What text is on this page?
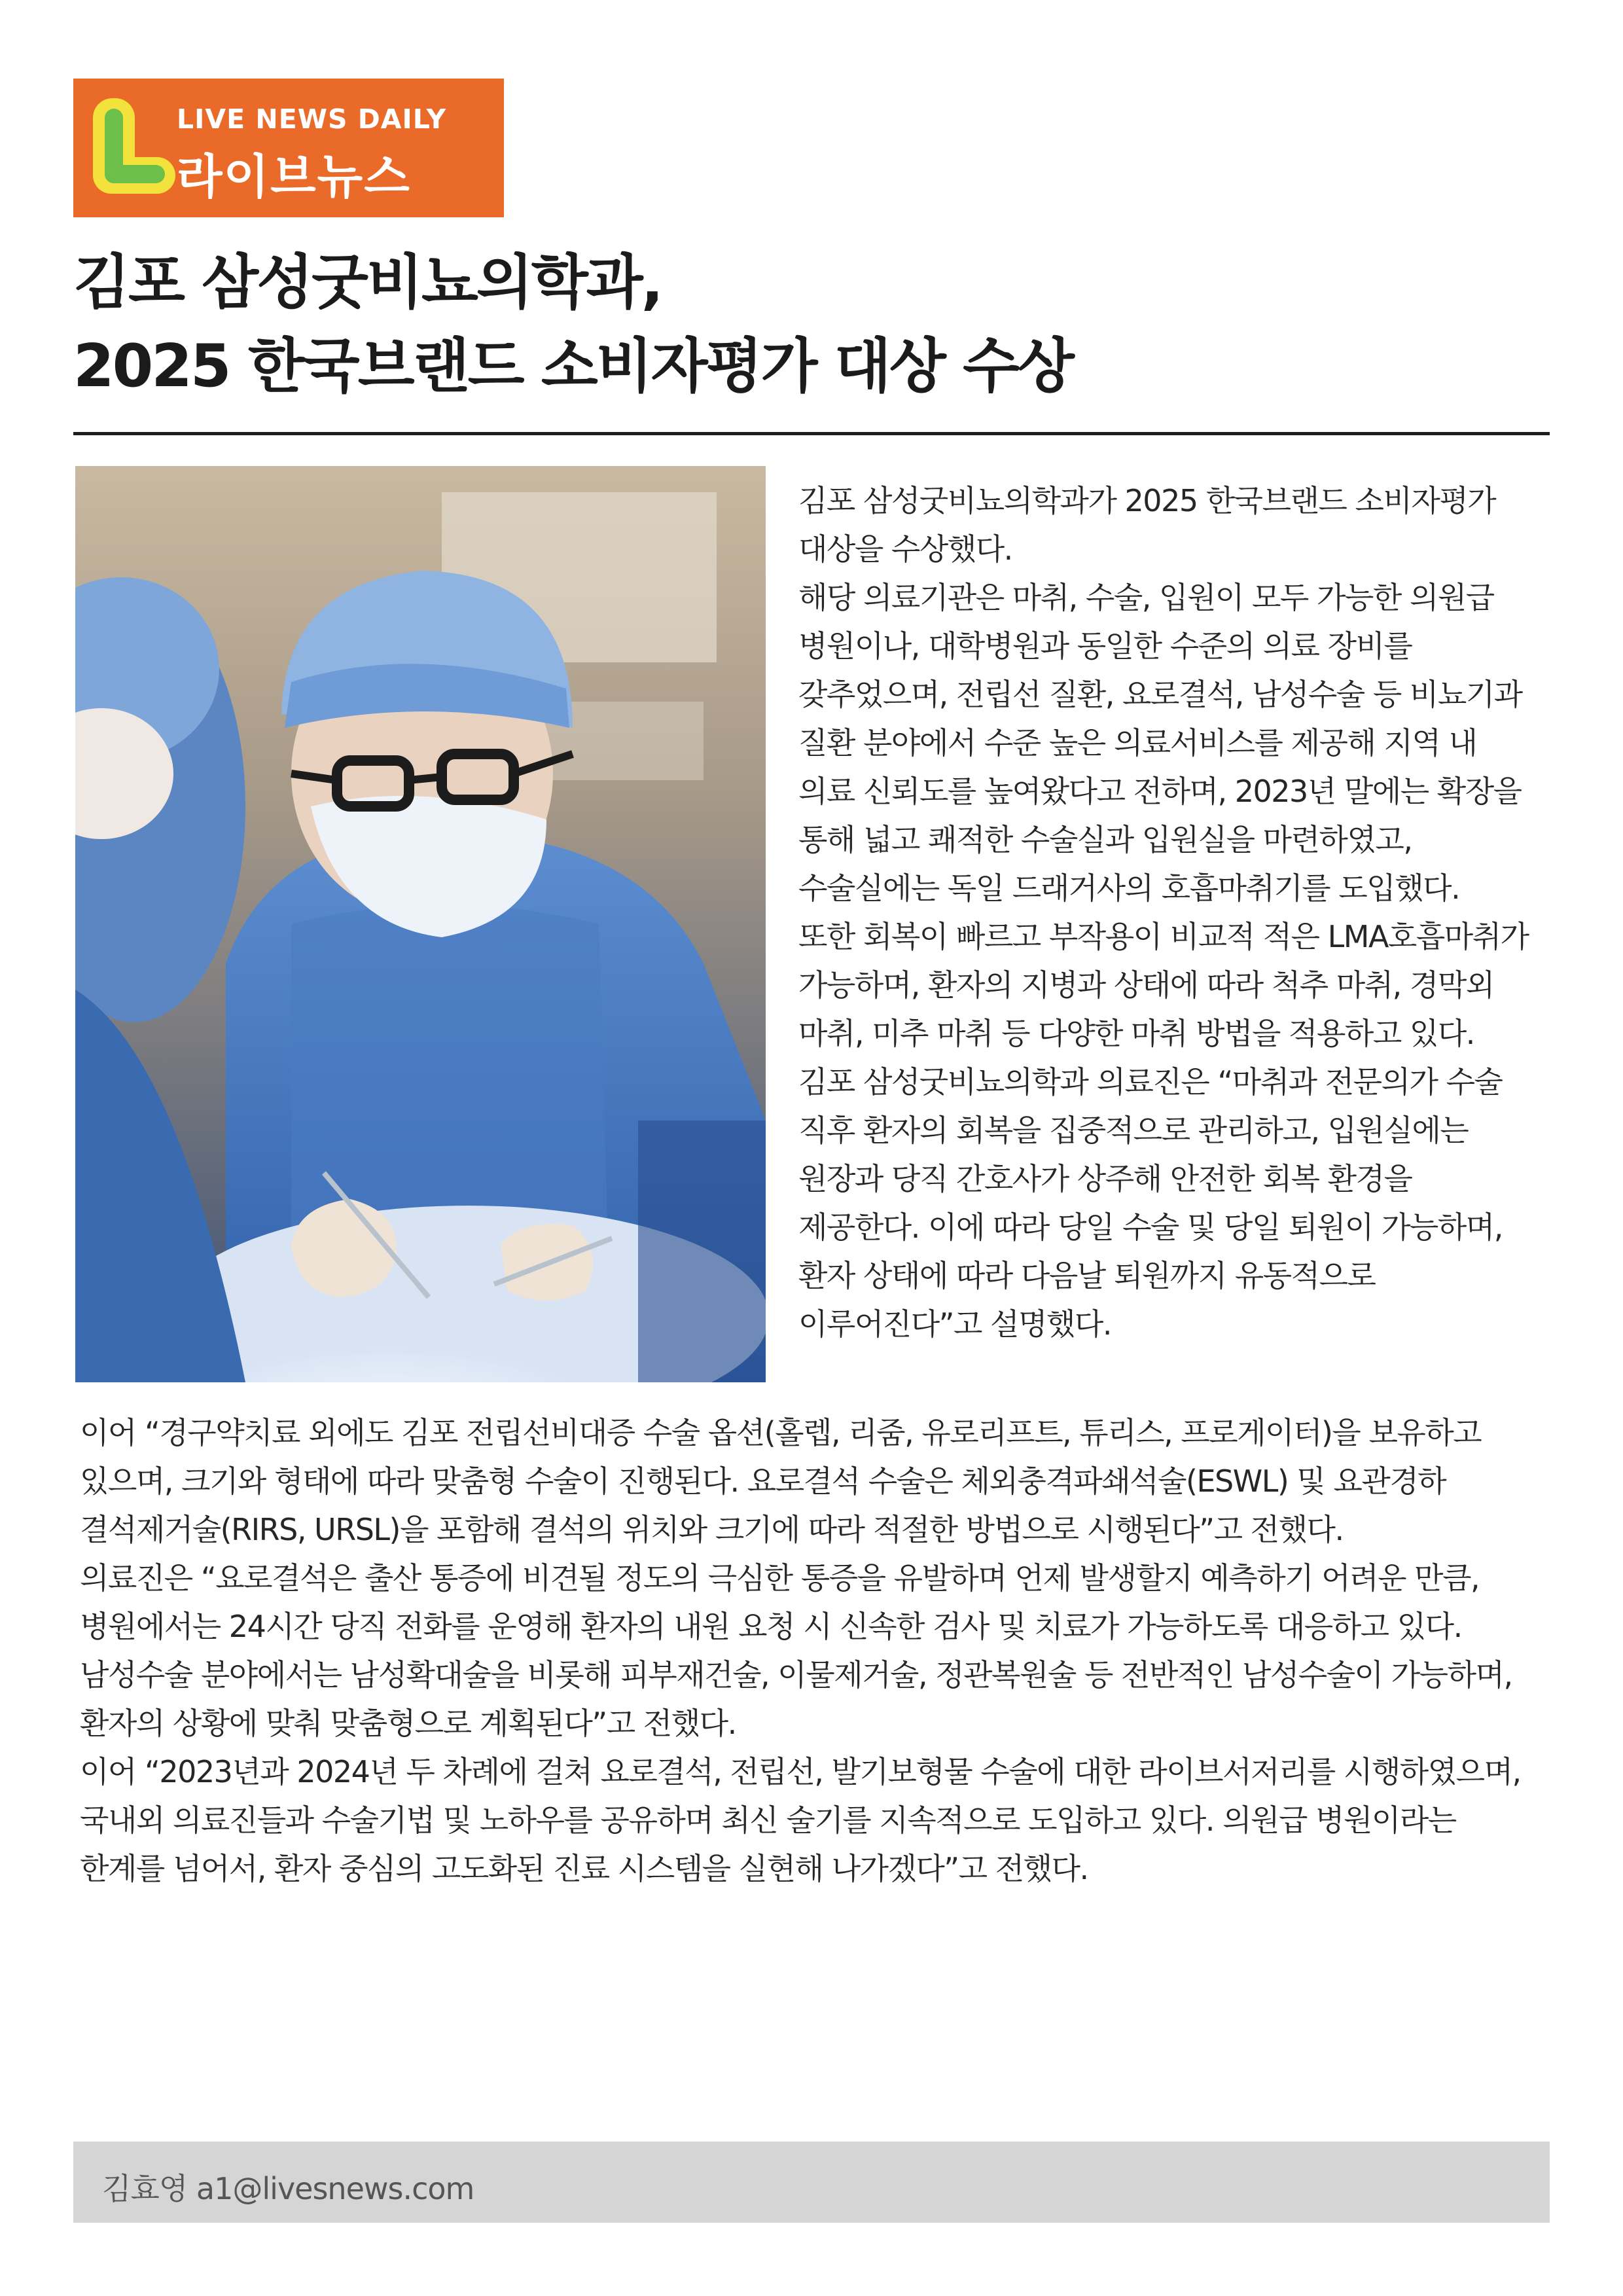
LIVE NEWS DAILY
라이브뉴스
김포 삼성굿비뇨의학과,
2025 한국브랜드 소비자평가 대상 수상
김포 삼성굿비뇨의학과가 2025 한국브랜드 소비자평가
대상을 수상했다.
해당 의료기관은 마취, 수술, 입원이 모두 가능한 의원급
병원이나, 대학병원과 동일한 수준의 의료 장비를
갖추었으며, 전립선 질환, 요로결석, 남성수술 등 비뇨기과
질환 분야에서 수준 높은 의료서비스를 제공해 지역 내
의료 신뢰도를 높여왔다고 전하며, 2023년 말에는 확장을
통해 넓고 쾌적한 수술실과 입원실을 마련하였고,
수술실에는 독일 드래거사의 호흡마취기를 도입했다.
또한 회복이 빠르고 부작용이 비교적 적은 LMA호흡마취가
가능하며, 환자의 지병과 상태에 따라 척추 마취, 경막외
마취, 미추 마취 등 다양한 마취 방법을 적용하고 있다.
김포 삼성굿비뇨의학과 의료진은 “마취과 전문의가 수술
직후 환자의 회복을 집중적으로 관리하고, 입원실에는
원장과 당직 간호사가 상주해 안전한 회복 환경을
제공한다. 이에 따라 당일 수술 및 당일 퇴원이 가능하며,
환자 상태에 따라 다음날 퇴원까지 유동적으로
이루어진다”고 설명했다.
이어 “경구약치료 외에도 김포 전립선비대증 수술 옵션(홀렙, 리줌, 유로리프트, 튜리스, 프로게이터)을 보유하고
있으며, 크기와 형태에 따라 맞춤형 수술이 진행된다. 요로결석 수술은 체외충격파쇄석술(ESWL) 및 요관경하
결석제거술(RIRS, URSL)을 포함해 결석의 위치와 크기에 따라 적절한 방법으로 시행된다”고 전했다.
의료진은 “요로결석은 출산 통증에 비견될 정도의 극심한 통증을 유발하며 언제 발생할지 예측하기 어려운 만큼,
병원에서는 24시간 당직 전화를 운영해 환자의 내원 요청 시 신속한 검사 및 치료가 가능하도록 대응하고 있다.
남성수술 분야에서는 남성확대술을 비롯해 피부재건술, 이물제거술, 정관복원술 등 전반적인 남성수술이 가능하며,
환자의 상황에 맞춰 맞춤형으로 계획된다”고 전했다.
이어 “2023년과 2024년 두 차례에 걸쳐 요로결석, 전립선, 발기보형물 수술에 대한 라이브서저리를 시행하였으며,
국내외 의료진들과 수술기법 및 노하우를 공유하며 최신 술기를 지속적으로 도입하고 있다. 의원급 병원이라는
한계를 넘어서, 환자 중심의 고도화된 진료 시스템을 실현해 나가겠다”고 전했다.
김효영 a1@livesnews.com
